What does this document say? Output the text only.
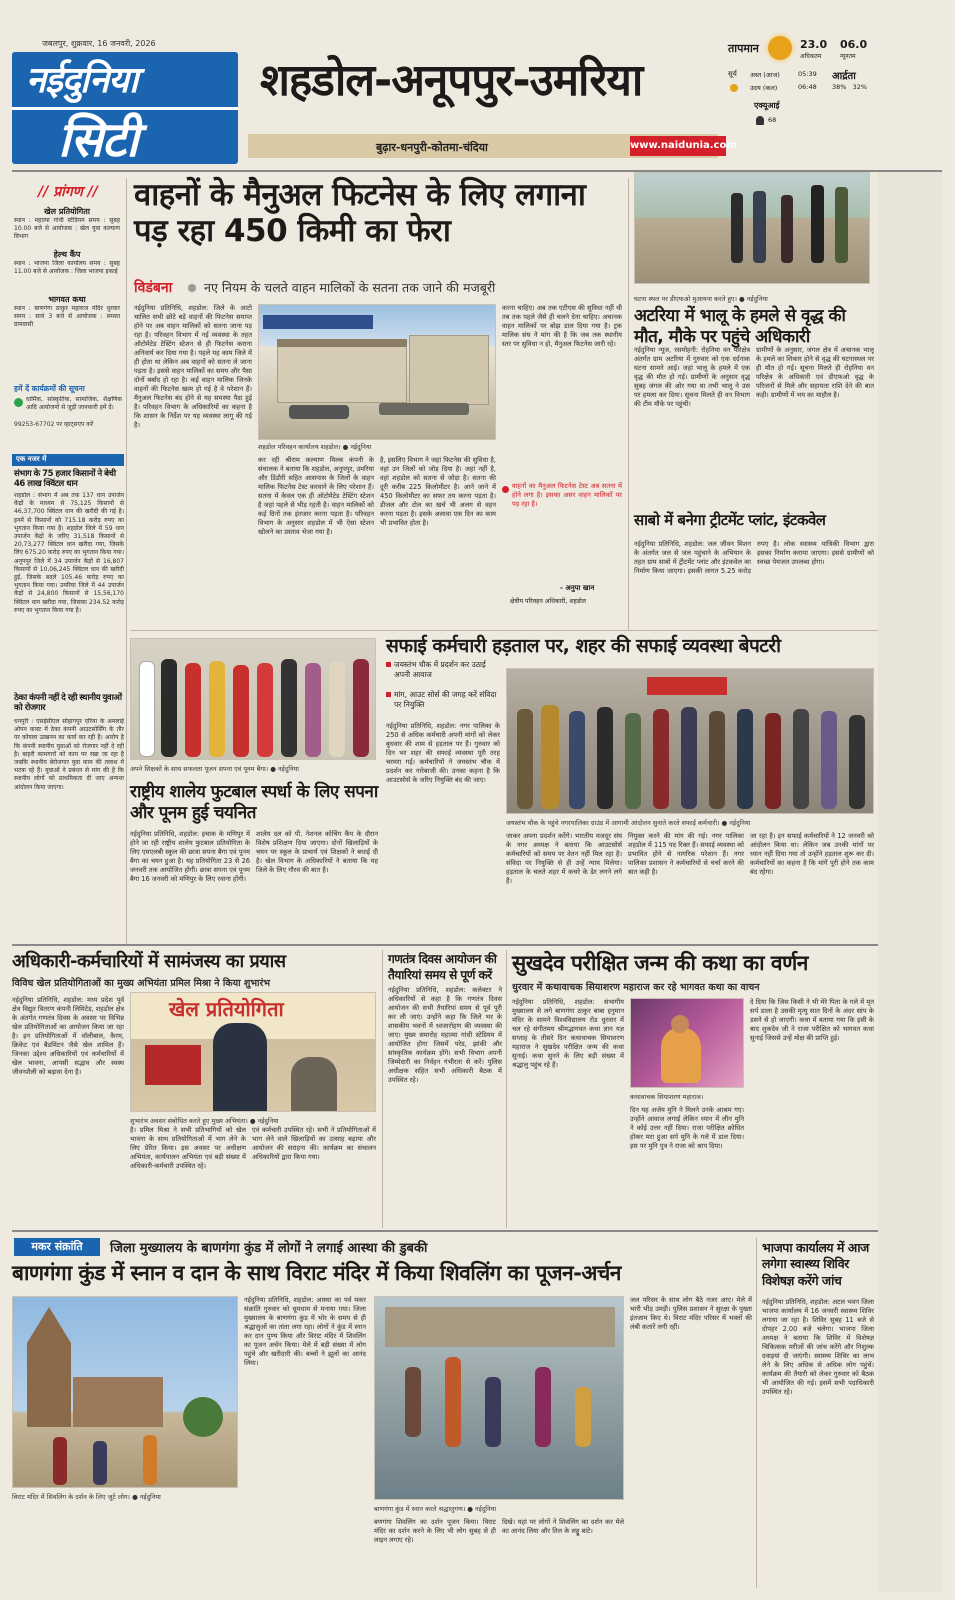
जबलपुर, शुक्रवार, 16 जनवरी, 2026
नईदुनिया
सिटी
शहडोल-अनूपपुर-उमरिया
बुढ़ार-धनपुरी-कोतमा-चंदिया	www.naidunia.com
तापमान	23.0 06.0
अधिकतम	न्यूनतम
सूर्य अस्त (आज)	05:39
उदय (कल)	06:48
आर्द्रता
38%   32%
एक्यूआई
68
// प्रांगण //
खेल प्रतियोगिता
स्थान : महात्मा गांधी स्टेडियम समय : सुबह 10.00 बजे से आयोजक : खेल युवा कल्याण विभाग
हेल्थ कैंप
स्थान : भाजपा जिला कार्यालय समय : सुबह 11.00 बजे से आयोजक : जिला भाजपा इकाई
भागवत कथा
स्थान : बाणगंगा ठाकुर महाराज मंदिर धुरवार समय : सायं 3 बजे से आयोजक : समस्त ग्रामवासी
हमें दें कार्यक्रमों की सूचना
धार्मिक, सांस्कृतिक, सामाजिक, शैक्षणिक आदि आयोजनों से जुड़ी जानकारी हमें दें।
99253-67702 पर व्हाट्सएप करें
एक नजर में
संभाग के 75 हजार किसानों ने बेची 46 लाख क्विंटल धान
शहडोल : संभाग में अब तक 137 धान उपार्जन केंद्रों के माध्यम से 75,125 किसानों से 46,37,700 क्विंटल धान की खरीदी की गई है। इनमें से किसानों को 715.18 करोड़ रुपए का भुगतान किया गया है। शहडोल जिले में 59 धान उपार्जन केंद्रों के जरिए 31,518 किसानों से 20,73,277 क्विंटल धान खरीदा गया, जिसके लिए 675.20 करोड़ रुपए का भुगतान किया गया। अनूपपुर जिले में 34 उपार्जन केंद्रों से 16,807 किसानों से 10,06,245 क्विंटल धान की खरीदी हुई, जिसके बदले 105.46 करोड़ रुपए का भुगतान किया गया। उमरिया जिले में 44 उपार्जन केंद्रों से 24,800 किसानों से 15,56,170 क्विंटल धान खरीदा गया, जिसका 234.52 करोड़ रुपए का भुगतान किया गया है।
ठेका कंपनी नहीं दे रही स्थानीय युवाओं को रोजगार
धनपुरी : एसईसीएल सोहागपुर एरिया के अमलाई ओपन कास्ट में ठेका कंपनी आउटसोर्सिंग के तौर पर कोयला उत्खनन का कार्य कर रही है। आरोप है कि कंपनी स्थानीय युवाओं को रोजगार नहीं दे रही है। बाहरी कामगारों को काम पर रखा जा रहा है जबकि स्थानीय बेरोजगार युवा काम की तलाश में भटक रहे हैं। युवाओं ने प्रबंधन से मांग की है कि स्थानीय लोगों को प्राथमिकता दी जाए अन्यथा आंदोलन किया जाएगा।
वाहनों के मैनुअल फिटनेस के लिए लगाना पड़ रहा 450 किमी का फेरा
विडंबना	नए नियम के चलते वाहन मालिकों के सतना तक जाने की मजबूरी
नईदुनिया प्रतिनिधि, शहडोल: जिले के आटो चालित सभी छोटे बड़े वाहनों की फिटनेस समाप्त होने पर अब वाहन मालिकों को सतना जाना पड़ रहा है। परिवहन विभाग में नई व्यवस्था के तहत ऑटोमेटेड टेस्टिंग स्टेशन से ही फिटनेस कराना अनिवार्य कर दिया गया है। पहले यह काम जिले में ही होता था लेकिन अब वाहनों को सतना ले जाना पड़ता है। इससे वाहन मालिकों का समय और पैसा दोनों बर्बाद हो रहा है। कई वाहन मालिक जिनके वाहनों की फिटनेस खत्म हो गई है वे परेशान हैं। मैनुअल फिटनेस बंद होने से यह समस्या पैदा हुई है। परिवहन विभाग के अधिकारियों का कहना है कि शासन के निर्देश पर यह व्यवस्था लागू की गई है।
शहडोल परिवहन कार्यालय शहडोल। ● नईदुनिया
कर रही श्रीराम कल्याण मिल्क कंपनी के संचालक ने बताया कि शहडोल, अनूपपुर, उमरिया और डिंडौरी सहित आसपास के जिलों के वाहन मालिक फिटनेस टेस्ट करवाने के लिए परेशान हैं। सतना में केवल एक ही ऑटोमेटेड टेस्टिंग स्टेशन है जहां पहले से भीड़ रहती है। वाहन मालिकों को कई दिनों तक इंतजार करना पड़ता है। परिवहन विभाग के अनुसार शहडोल में भी ऐसा स्टेशन खोलने का प्रस्ताव भेजा गया है।
है, इसलिए विभाग ने जहां फिटनेस की सुविधा है, वहां उन जिलों को जोड़ दिया है। जहां नहीं है, वहां शहडोल को सतना से जोड़ा है। सतना की दूरी करीब 225 किलोमीटर है। आने जाने में 450 किलोमीटर का सफर तय करना पड़ता है। डीजल और टोल का खर्च भी अलग से वहन करना पड़ता है। इसके अलावा एक दिन का काम भी प्रभावित होता है।
करना चाहिए। अब तक एटीएस की सुविधा नहीं थी तब तक पहले जैसे ही चलने देना चाहिए। अचानक वाहन मालिकों पर बोझ डाल दिया गया है। ट्रक मालिक संघ ने मांग की है कि जब तक स्थानीय स्तर पर सुविधा न हो, मैनुअल फिटनेस जारी रहे।
वाहनों का मैनुअल फिटनेस टेस्ट अब सतना में होने लगा है। इसका असर वाहन मालिकों पर पड़ रहा है।
- अनुपा खान
क्षेत्रीय परिवहन अधिकारी, शहडोल
घटना स्थल पर डीएफओ मुआयना करते हुए। ● नईदुनिया
अटरिया में भालू के हमले से वृद्ध की मौत, मौके पर पहुंचे अधिकारी
नईदुनिया न्यूज, रसमोहनी: रोहनिया वन परिक्षेत्र अंतर्गत ग्राम अटरिया में गुरुवार को एक दर्दनाक घटना सामने आई। जहां भालू के हमले में एक वृद्ध की मौत हो गई। ग्रामीणों के अनुसार वृद्ध सुबह जंगल की ओर गया था तभी भालू ने उस पर हमला कर दिया। सूचना मिलते ही वन विभाग की टीम मौके पर पहुंची।
ग्रामीणों के अनुसार, जंगल क्षेत्र में अचानक भालू के हमले का शिकार होने से वृद्ध की घटनास्थल पर ही मौत हो गई। सूचना मिलते ही रोहनिया वन परिक्षेत्र के अधिकारी एवं डीएफओ वृद्ध के परिजनों से मिले और सहायता राशि देने की बात कही। ग्रामीणों में भय का माहौल है।
साबो में बनेगा ट्रीटमेंट प्लांट, इंटकवेल
नईदुनिया प्रतिनिधि, शहडोल: जल जीवन मिशन के अंतर्गत जल से जल पहुंचाने के अभियान के तहत ग्राम साबो में ट्रीटमेंट प्लांट और इंटकवेल का निर्माण किया जाएगा। इसकी लागत 5.25 करोड़ रुपए है। लोक स्वास्थ्य यांत्रिकी विभाग द्वारा इसका निर्माण कराया जाएगा। इससे ग्रामीणों को स्वच्छ पेयजल उपलब्ध होगा।
सफाई कर्मचारी हड़ताल पर, शहर की सफाई व्यवस्था बेपटरी
जयस्तंभ चौक में प्रदर्शन कर उठाई अपनी आवाज
मांग, आउट सोर्स की जगह करें संविदा पर नियुक्ति
जयस्तंभ चौक के पहुंचे नगरपालिका ग्राउंड में आगामी आंदोलन सुनाते करते सफाई कर्मचारी। ● नईदुनिया
नईदुनिया प्रतिनिधि, शहडोल: नगर पालिका के 250 से अधिक कर्मचारी अपनी मांगों को लेकर बुधवार की शाम से हड़ताल पर हैं। गुरुवार को दिन भर शहर की सफाई व्यवस्था पूरी तरह चरमरा गई। कर्मचारियों ने जयस्तंभ चौक में प्रदर्शन कर नारेबाजी की। उनका कहना है कि आउटसोर्स के जरिए नियुक्ति बंद की जाए।
जाकर अपना प्रदर्शन करेंगे। भारतीय मजदूर संघ के नगर अध्यक्ष ने बताया कि आउटसोर्स कर्मचारियों को समय पर वेतन नहीं मिल रहा है। संविदा पर नियुक्ति से ही उन्हें न्याय मिलेगा। हड़ताल के चलते शहर में कचरे के ढेर लगने लगे हैं।
नियुक्त करने की मांग की गई। नगर पालिका शहडोल में 115 पद रिक्त हैं। सफाई व्यवस्था को प्रभावित होने से नागरिक परेशान हैं। नगर पालिका प्रशासन ने कर्मचारियों से चर्चा करने की बात कही है।
जा रहा है। इन सफाई कर्मचारियों ने 12 जनवरी को आंदोलन किया था। लेकिन जब उनकी मांगों पर ध्यान नहीं दिया गया तो उन्होंने हड़ताल शुरू कर दी। कर्मचारियों का कहना है कि मांगें पूरी होने तक काम बंद रहेगा।
अपने शिक्षकों के साथ सफलता पूजन सपना एवं पूनम बैगा। ● नईदुनिया
राष्ट्रीय शालेय फुटबाल स्पर्धा के लिए सपना और पूनम हुई चयनित
नईदुनिया प्रतिनिधि, शहडोल: इचाक के मणिपुर में होने जा रही राष्ट्रीय शालेय फुटबाल प्रतियोगिता के लिए एमएलबी स्कूल की छात्रा सपना बैगा एवं पूनम बैगा का चयन हुआ है। यह प्रतियोगिता 23 से 26 जनवरी तक आयोजित होगी। छात्रा सपना एवं पूनम बैगा 16 जनवरी को मणिपुर के लिए रवाना होंगी।
शालेय दल को पी. नेशनल कोचिंग कैंप के दौरान विशेष प्रशिक्षण दिया जाएगा। दोनों खिलाड़ियों के चयन पर स्कूल के प्राचार्य एवं शिक्षकों ने बधाई दी है। खेल विभाग के अधिकारियों ने बताया कि यह जिले के लिए गौरव की बात है।
अधिकारी-कर्मचारियों में सामंजस्य का प्रयास
विविध खेल प्रतियोगिताओं का मुख्य अभियंता प्रमिल मिश्रा ने किया शुभारंभ
नईदुनिया प्रतिनिधि, शहडोल: मध्य प्रदेश पूर्व क्षेत्र विद्युत वितरण कंपनी लिमिटेड, शहडोल क्षेत्र के अंतर्गत गणतंत्र दिवस के अवसर पर विभिन्न खेल प्रतियोगिताओं का आयोजन किया जा रहा है। इन प्रतियोगिताओं में वॉलीबाल, कैरम, क्रिकेट एवं बैडमिंटन जैसे खेल शामिल हैं। जिनका उद्देश्य अधिकारियों एवं कर्मचारियों में खेल भावना, आपसी सद्भाव और स्वस्थ जीवनशैली को बढ़ावा देना है।
खेल प्रतियोगिता
शुभारंभ अवसर संबोधित करते हुए मुख्य अभियंता। ● नईदुनिया
है। प्रमिल मिश्रा ने सभी प्रतिभागियों को खेल भावना के साथ प्रतियोगिताओं में भाग लेने के लिए प्रेरित किया। इस अवसर पर अधीक्षण अभियंता, कार्यपालन अभियंता एवं बड़ी संख्या में अधिकारी-कर्मचारी उपस्थित रहे।
एवं कर्मचारी उपस्थित रहे। सभी ने प्रतियोगिताओं में भाग लेने वाले खिलाड़ियों का उत्साह बढ़ाया और आयोजन की सराहना की। कार्यक्रम का संचालन अधिकारियों द्वारा किया गया।
गणतंत्र दिवस आयोजन की तैयारियां समय से पूर्ण करें
नईदुनिया प्रतिनिधि, शहडोल: कलेक्टर ने अधिकारियों से कहा है कि गणतंत्र दिवस आयोजन की सभी तैयारियां समय से पूर्व पूरी कर ली जाएं। उन्होंने कहा कि जिले भर के शासकीय भवनों में ध्वजारोहण की व्यवस्था की जाए। मुख्य समारोह महात्मा गांधी स्टेडियम में आयोजित होगा जिसमें परेड, झांकी और सांस्कृतिक कार्यक्रम होंगे। सभी विभाग अपनी जिम्मेदारी का निर्वहन गंभीरता से करें। पुलिस अधीक्षक सहित सभी अधिकारी बैठक में उपस्थित रहे।
सुखदेव परीक्षित जन्म की कथा का वर्णन
धुरवार में कथावाचक सियाशरण महाराज कर रहे भागवत कथा का वाचन
नईदुनिया प्रतिनिधि, शहडोल: संभागीय मुख्यालय से लगे बाणगंगा ठाकुर बाबा हनुमान मंदिर के सामने विश्वविद्यालय रोड धुरवार में चल रहे संगीतमय श्रीमद्भागवत कथा ज्ञान यज्ञ सप्ताह के तीसरे दिन कथावाचक सियाशरण महाराज ने सुखदेव परीक्षित जन्म की कथा सुनाई। कथा सुनने के लिए बड़ी संख्या में श्रद्धालु पहुंच रहे हैं।
कथावाचक सियाशरण महाराज।
दिन यह अजेय मुनि ने मिलने उनके आश्रम गए। उन्होंने आवाज लगाई लेकिन ध्यान में लीन मुनि ने कोई उत्तर नहीं दिया। राजा परीक्षित क्रोधित होकर मरा हुआ सर्प मुनि के गले में डाल दिया। इस पर मुनि पुत्र ने राजा को श्राप दिया।
दे दिया कि जिस किसी ने भी मेरे पिता के गले में मृत सर्प डाला है उसकी मृत्यु सात दिनों के अंदर सांप के डसने से हो जाएगी। कथा में बताया गया कि इसी के बाद शुकदेव जी ने राजा परीक्षित को भागवत कथा सुनाई जिससे उन्हें मोक्ष की प्राप्ति हुई।
मकर संक्रांति	जिला मुख्यालय के बाणगंगा कुंड में लोगों ने लगाई आस्था की डुबकी
बाणगंगा कुंड में स्नान व दान के साथ विराट मंदिर में किया शिवलिंग का पूजन-अर्चन
विराट मंदिर में शिवलिंग के दर्शन के लिए जुटे लोग। ● नईदुनिया
नईदुनिया प्रतिनिधि, शहडोल: आस्था का पर्व मकर संक्रांति गुरुवार को धूमधाम से मनाया गया। जिला मुख्यालय के बाणगंगा कुंड में भोर के समय से ही श्रद्धालुओं का तांता लगा रहा। लोगों ने कुंड में स्नान कर दान पुण्य किया और विराट मंदिर में शिवलिंग का पूजन अर्चन किया। मेले में बड़ी संख्या में लोग पहुंचे और खरीदारी की। बच्चों ने झूलों का आनंद लिया।
बाणगंगा कुंड में स्नान करते श्रद्धालुगण। ● नईदुनिया
बणगंगा शिवलिंग का दर्शन पूजन किया। विराट मंदिर का दर्शन करने के लिए भी लोग सुबह से ही लाइन लगाए रहे।
दिखे। यहां पर लोगों ने शिवलिंग का दर्शन कर मेले का आनंद लिया और तिल के लड्डू बांटे।
जल परिसर के साथ लोग बैठे नजर आए। मेले में भारी भीड़ उमड़ी। पुलिस प्रशासन ने सुरक्षा के पुख्ता इंतजाम किए थे। विराट मंदिर परिसर में भक्तों की लंबी कतारें लगी रहीं।
भाजपा कार्यालय में आज लगेगा स्वास्थ्य शिविर विशेषज्ञ करेंगे जांच
नईदुनिया प्रतिनिधि, शहडोल: अटल भवन जिला भाजपा कार्यालय में 16 जनवरी स्वास्थ्य शिविर लगाया जा रहा है। शिविर सुबह 11 बजे से दोपहर 2.00 बजे चलेगा। भाजपा जिला अध्यक्ष ने बताया कि शिविर में विशेषज्ञ चिकित्सक मरीजों की जांच करेंगे और निशुल्क दवाइयां दी जाएंगी। स्वास्थ्य शिविर का लाभ लेने के लिए अधिक से अधिक लोग पहुंचें। कार्यक्रम की तैयारी को लेकर गुरुवार को बैठक भी आयोजित की गई। इसमें सभी पदाधिकारी उपस्थित रहे।
